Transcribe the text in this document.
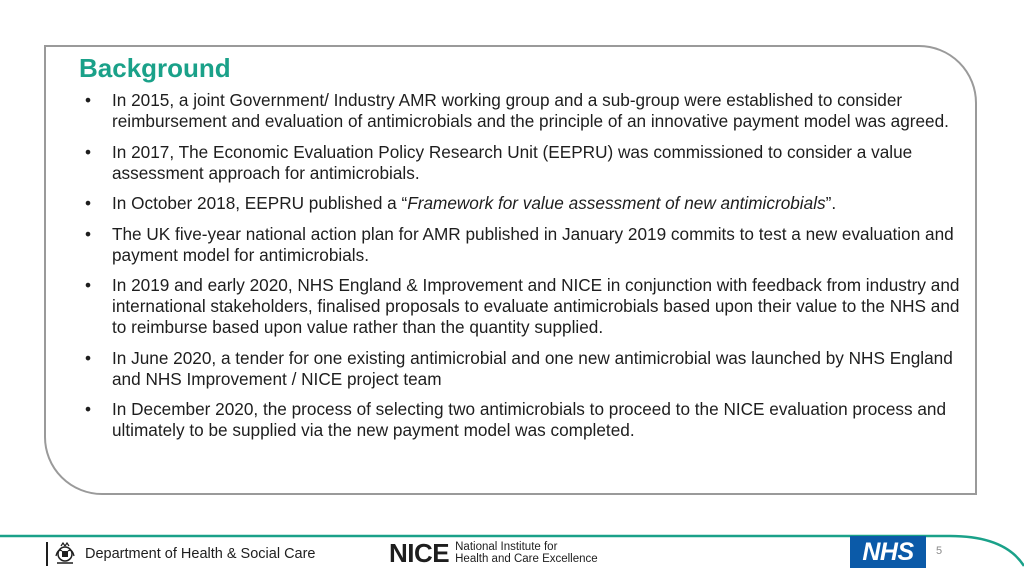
Background
• In 2015, a joint Government/ Industry AMR working group and a sub-group were established to consider reimbursement and evaluation of antimicrobials and the principle of an innovative payment model was agreed.
• In 2017, The Economic Evaluation Policy Research Unit (EEPRU) was commissioned to consider a value assessment approach for antimicrobials.
• In October 2018, EEPRU published a “Framework for value assessment of new antimicrobials”.
• The UK five-year national action plan for AMR published in January 2019 commits to test a new evaluation and payment model for antimicrobials.
• In 2019 and early 2020, NHS England & Improvement and NICE in conjunction with feedback from industry and international stakeholders, finalised proposals to evaluate antimicrobials based upon their value to the NHS and to reimburse based upon value rather than the quantity supplied.
• In June 2020, a tender for one existing antimicrobial and one new antimicrobial was launched by NHS England and NHS Improvement / NICE project team
• In December 2020, the process of selecting two antimicrobials to proceed to the NICE evaluation process and ultimately to be supplied via the new payment model was completed.
Department of Health & Social Care	NICE National Institute for
Health and Care Excellence	NHS	5
